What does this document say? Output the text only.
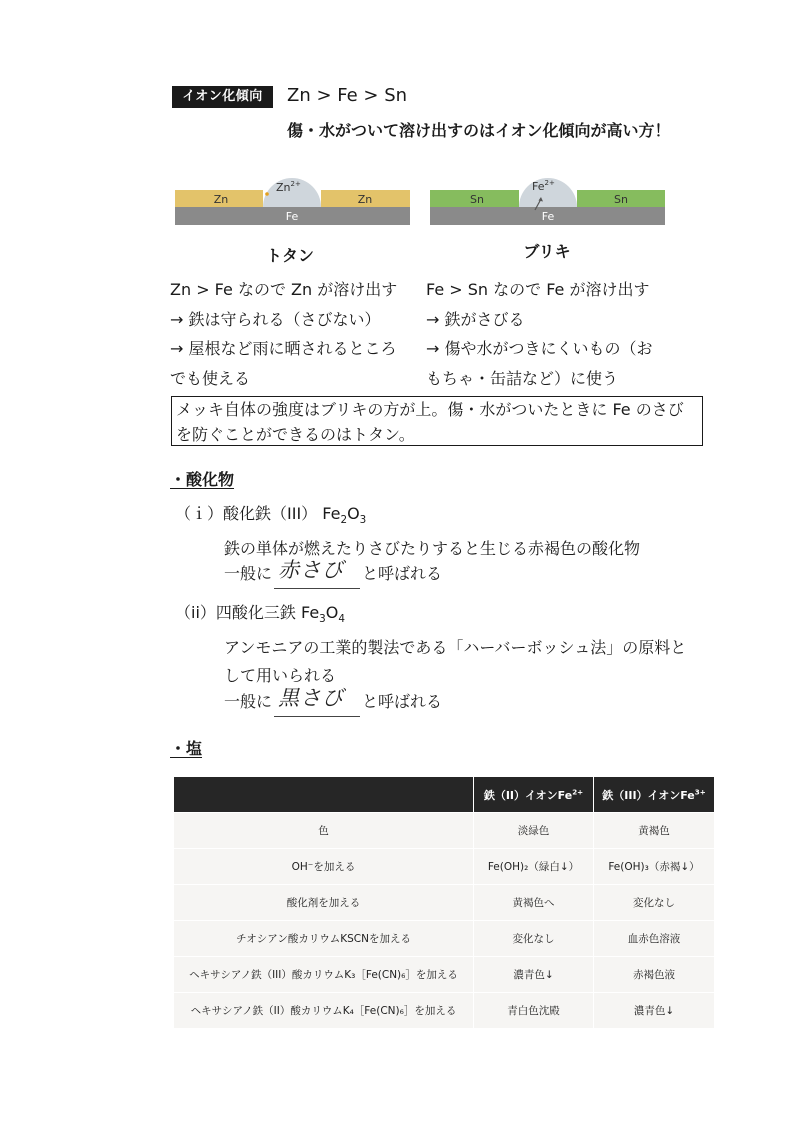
イオン化傾向	Zn > Fe > Sn
傷・水がついて溶け出すのはイオン化傾向が高い方！
Zn	Zn
Fe
$Zn^{2+}$
Sn	Sn
Fe
$Fe^{2+}$
トタン	ブリキ
Zn > Fe なので Zn が溶け出す
→ 鉄は守られる（さびない）
→ 屋根など雨に晒されるところ
でも使える
Fe > Sn なので Fe が溶け出す
→ 鉄がさびる
→ 傷や水がつきにくいもの（お
もちゃ・缶詰など）に使う
メッキ自体の強度はブリキの方が上。傷・水がついたときに Fe のさび
を防ぐことができるのはトタン。
・酸化物
（ｉ）酸化鉄（III） $Fe_2O_3$
鉄の単体が燃えたりさびたりすると生じる赤褐色の酸化物
一般に 赤さび と呼ばれる
（ii）四酸化三鉄 $Fe_3O_4$
アンモニアの工業的製法である「ハーバーボッシュ法」の原料と
して用いられる
一般に 黒さび と呼ばれる
・塩
	鉄（II）イオン$Fe^{2+}$	鉄（III）イオン$Fe^{3+}$
色	淡緑色	黄褐色
OH⁻を加える	Fe(OH)₂（緑白↓）	Fe(OH)₃（赤褐↓）
酸化剤を加える	黄褐色へ	変化なし
チオシアン酸カリウムKSCNを加える	変化なし	血赤色溶液
ヘキサシアノ鉄（III）酸カリウムK₃［Fe(CN)₆］を加える	濃青色↓	赤褐色液
ヘキサシアノ鉄（II）酸カリウムK₄［Fe(CN)₆］を加える	青白色沈殿	濃青色↓
